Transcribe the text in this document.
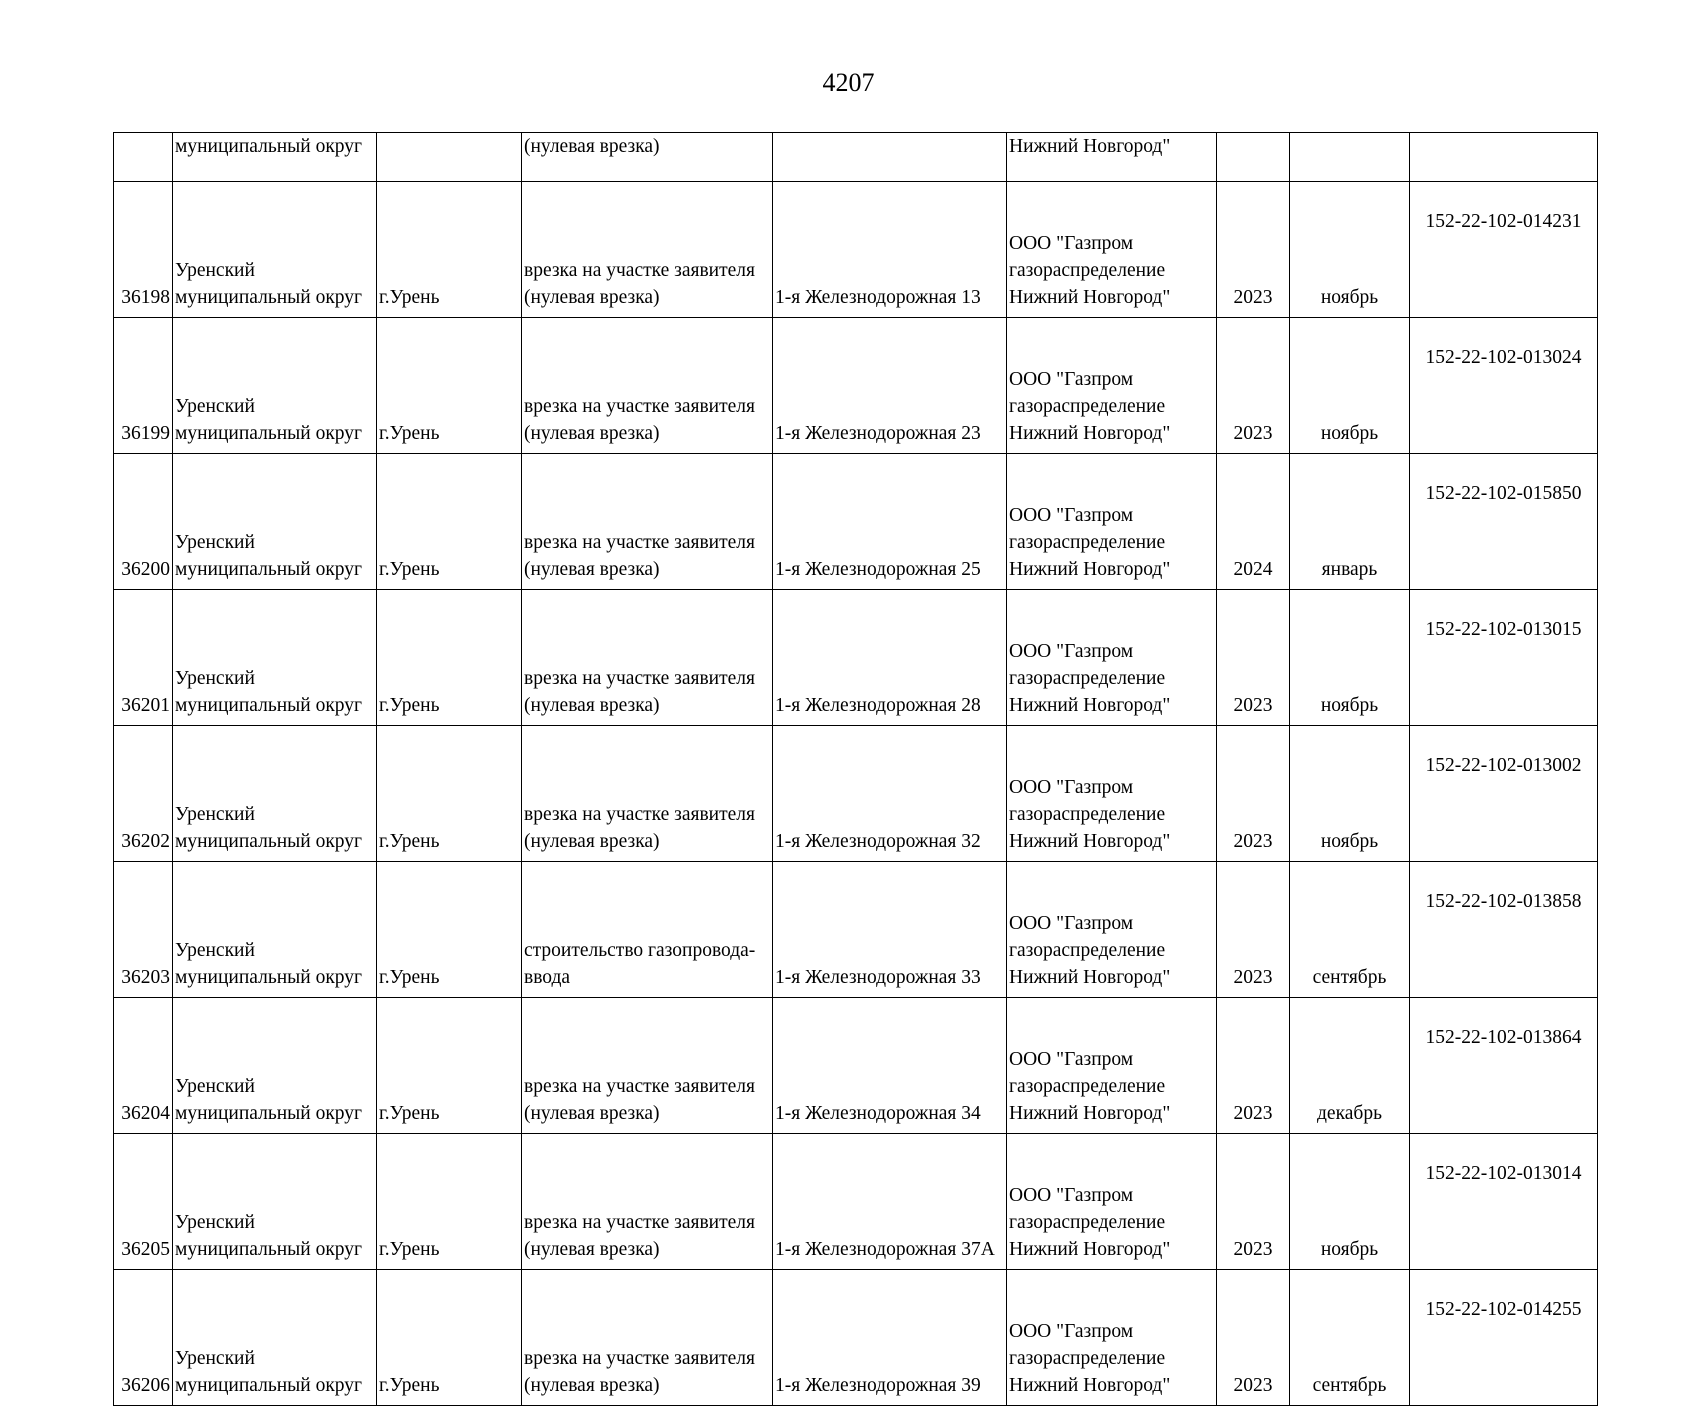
4207
	муниципальный округ		(нулевая врезка)		Нижний Новгород"			
36198	Уренский
муниципальный округ	г.Урень	врезка на участке заявителя
(нулевая врезка)	1-я Железнодорожная 13	ООО "Газпром
газораспределение
Нижний Новгород"	2023	ноябрь	152-22-102-014231
36199	Уренский
муниципальный округ	г.Урень	врезка на участке заявителя
(нулевая врезка)	1-я Железнодорожная 23	ООО "Газпром
газораспределение
Нижний Новгород"	2023	ноябрь	152-22-102-013024
36200	Уренский
муниципальный округ	г.Урень	врезка на участке заявителя
(нулевая врезка)	1-я Железнодорожная 25	ООО "Газпром
газораспределение
Нижний Новгород"	2024	январь	152-22-102-015850
36201	Уренский
муниципальный округ	г.Урень	врезка на участке заявителя
(нулевая врезка)	1-я Железнодорожная 28	ООО "Газпром
газораспределение
Нижний Новгород"	2023	ноябрь	152-22-102-013015
36202	Уренский
муниципальный округ	г.Урень	врезка на участке заявителя
(нулевая врезка)	1-я Железнодорожная 32	ООО "Газпром
газораспределение
Нижний Новгород"	2023	ноябрь	152-22-102-013002
36203	Уренский
муниципальный округ	г.Урень	строительство газопровода-
ввода	1-я Железнодорожная 33	ООО "Газпром
газораспределение
Нижний Новгород"	2023	сентябрь	152-22-102-013858
36204	Уренский
муниципальный округ	г.Урень	врезка на участке заявителя
(нулевая врезка)	1-я Железнодорожная 34	ООО "Газпром
газораспределение
Нижний Новгород"	2023	декабрь	152-22-102-013864
36205	Уренский
муниципальный округ	г.Урень	врезка на участке заявителя
(нулевая врезка)	1-я Железнодорожная 37А	ООО "Газпром
газораспределение
Нижний Новгород"	2023	ноябрь	152-22-102-013014
36206	Уренский
муниципальный округ	г.Урень	врезка на участке заявителя
(нулевая врезка)	1-я Железнодорожная 39	ООО "Газпром
газораспределение
Нижний Новгород"	2023	сентябрь	152-22-102-014255
